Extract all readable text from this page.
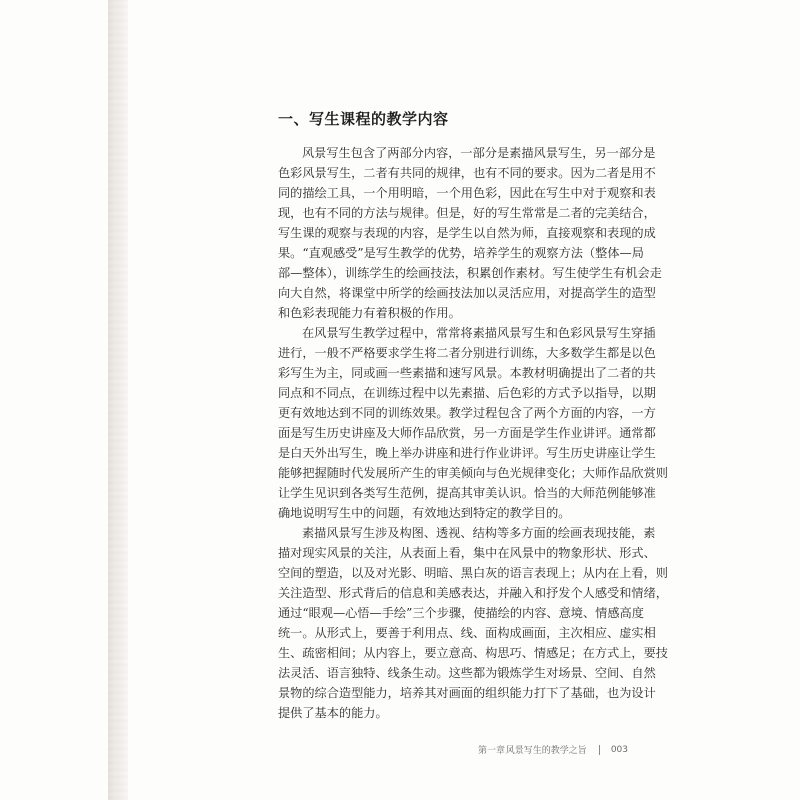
一、写生课程的教学内容
风景写生包含了两部分内容，一部分是素描风景写生，另一部分是
色彩风景写生，二者有共同的规律，也有不同的要求。因为二者是用不
同的描绘工具，一个用明暗，一个用色彩，因此在写生中对于观察和表
现，也有不同的方法与规律。但是，好的写生常常是二者的完美结合，
写生课的观察与表现的内容，是学生以自然为师，直接观察和表现的成
果。“直观感受”是写生教学的优势，培养学生的观察方法（整体—局
部—整体），训练学生的绘画技法，积累创作素材。写生使学生有机会走
向大自然，将课堂中所学的绘画技法加以灵活应用，对提高学生的造型
和色彩表现能力有着积极的作用。
在风景写生教学过程中，常常将素描风景写生和色彩风景写生穿插
进行，一般不严格要求学生将二者分别进行训练，大多数学生都是以色
彩写生为主，同或画一些素描和速写风景。本教材明确提出了二者的共
同点和不同点，在训练过程中以先素描、后色彩的方式予以指导，以期
更有效地达到不同的训练效果。教学过程包含了两个方面的内容，一方
面是写生历史讲座及大师作品欣赏，另一方面是学生作业讲评。通常都
是白天外出写生，晚上举办讲座和进行作业讲评。写生历史讲座让学生
能够把握随时代发展所产生的审美倾向与色光规律变化；大师作品欣赏则
让学生见识到各类写生范例，提高其审美认识。恰当的大师范例能够准
确地说明写生中的问题，有效地达到特定的教学目的。
素描风景写生涉及构图、透视、结构等多方面的绘画表现技能，素
描对现实风景的关注，从表面上看，集中在风景中的物象形状、形式、
空间的塑造，以及对光影、明暗、黑白灰的语言表现上；从内在上看，则
关注造型、形式背后的信息和美感表达，并融入和抒发个人感受和情绪，
通过“眼观—心悟—手绘”三个步骤，使描绘的内容、意境、情感高度
统一。从形式上，要善于利用点、线、面构成画面，主次相应、虚实相
生、疏密相间；从内容上，要立意高、构思巧、情感足；在方式上，要技
法灵活、语言独特、线条生动。这些都为锻炼学生对场景、空间、自然
景物的综合造型能力，培养其对画面的组织能力打下了基础，也为设计
提供了基本的能力。
第一章 风景写生的教学之旨	003
